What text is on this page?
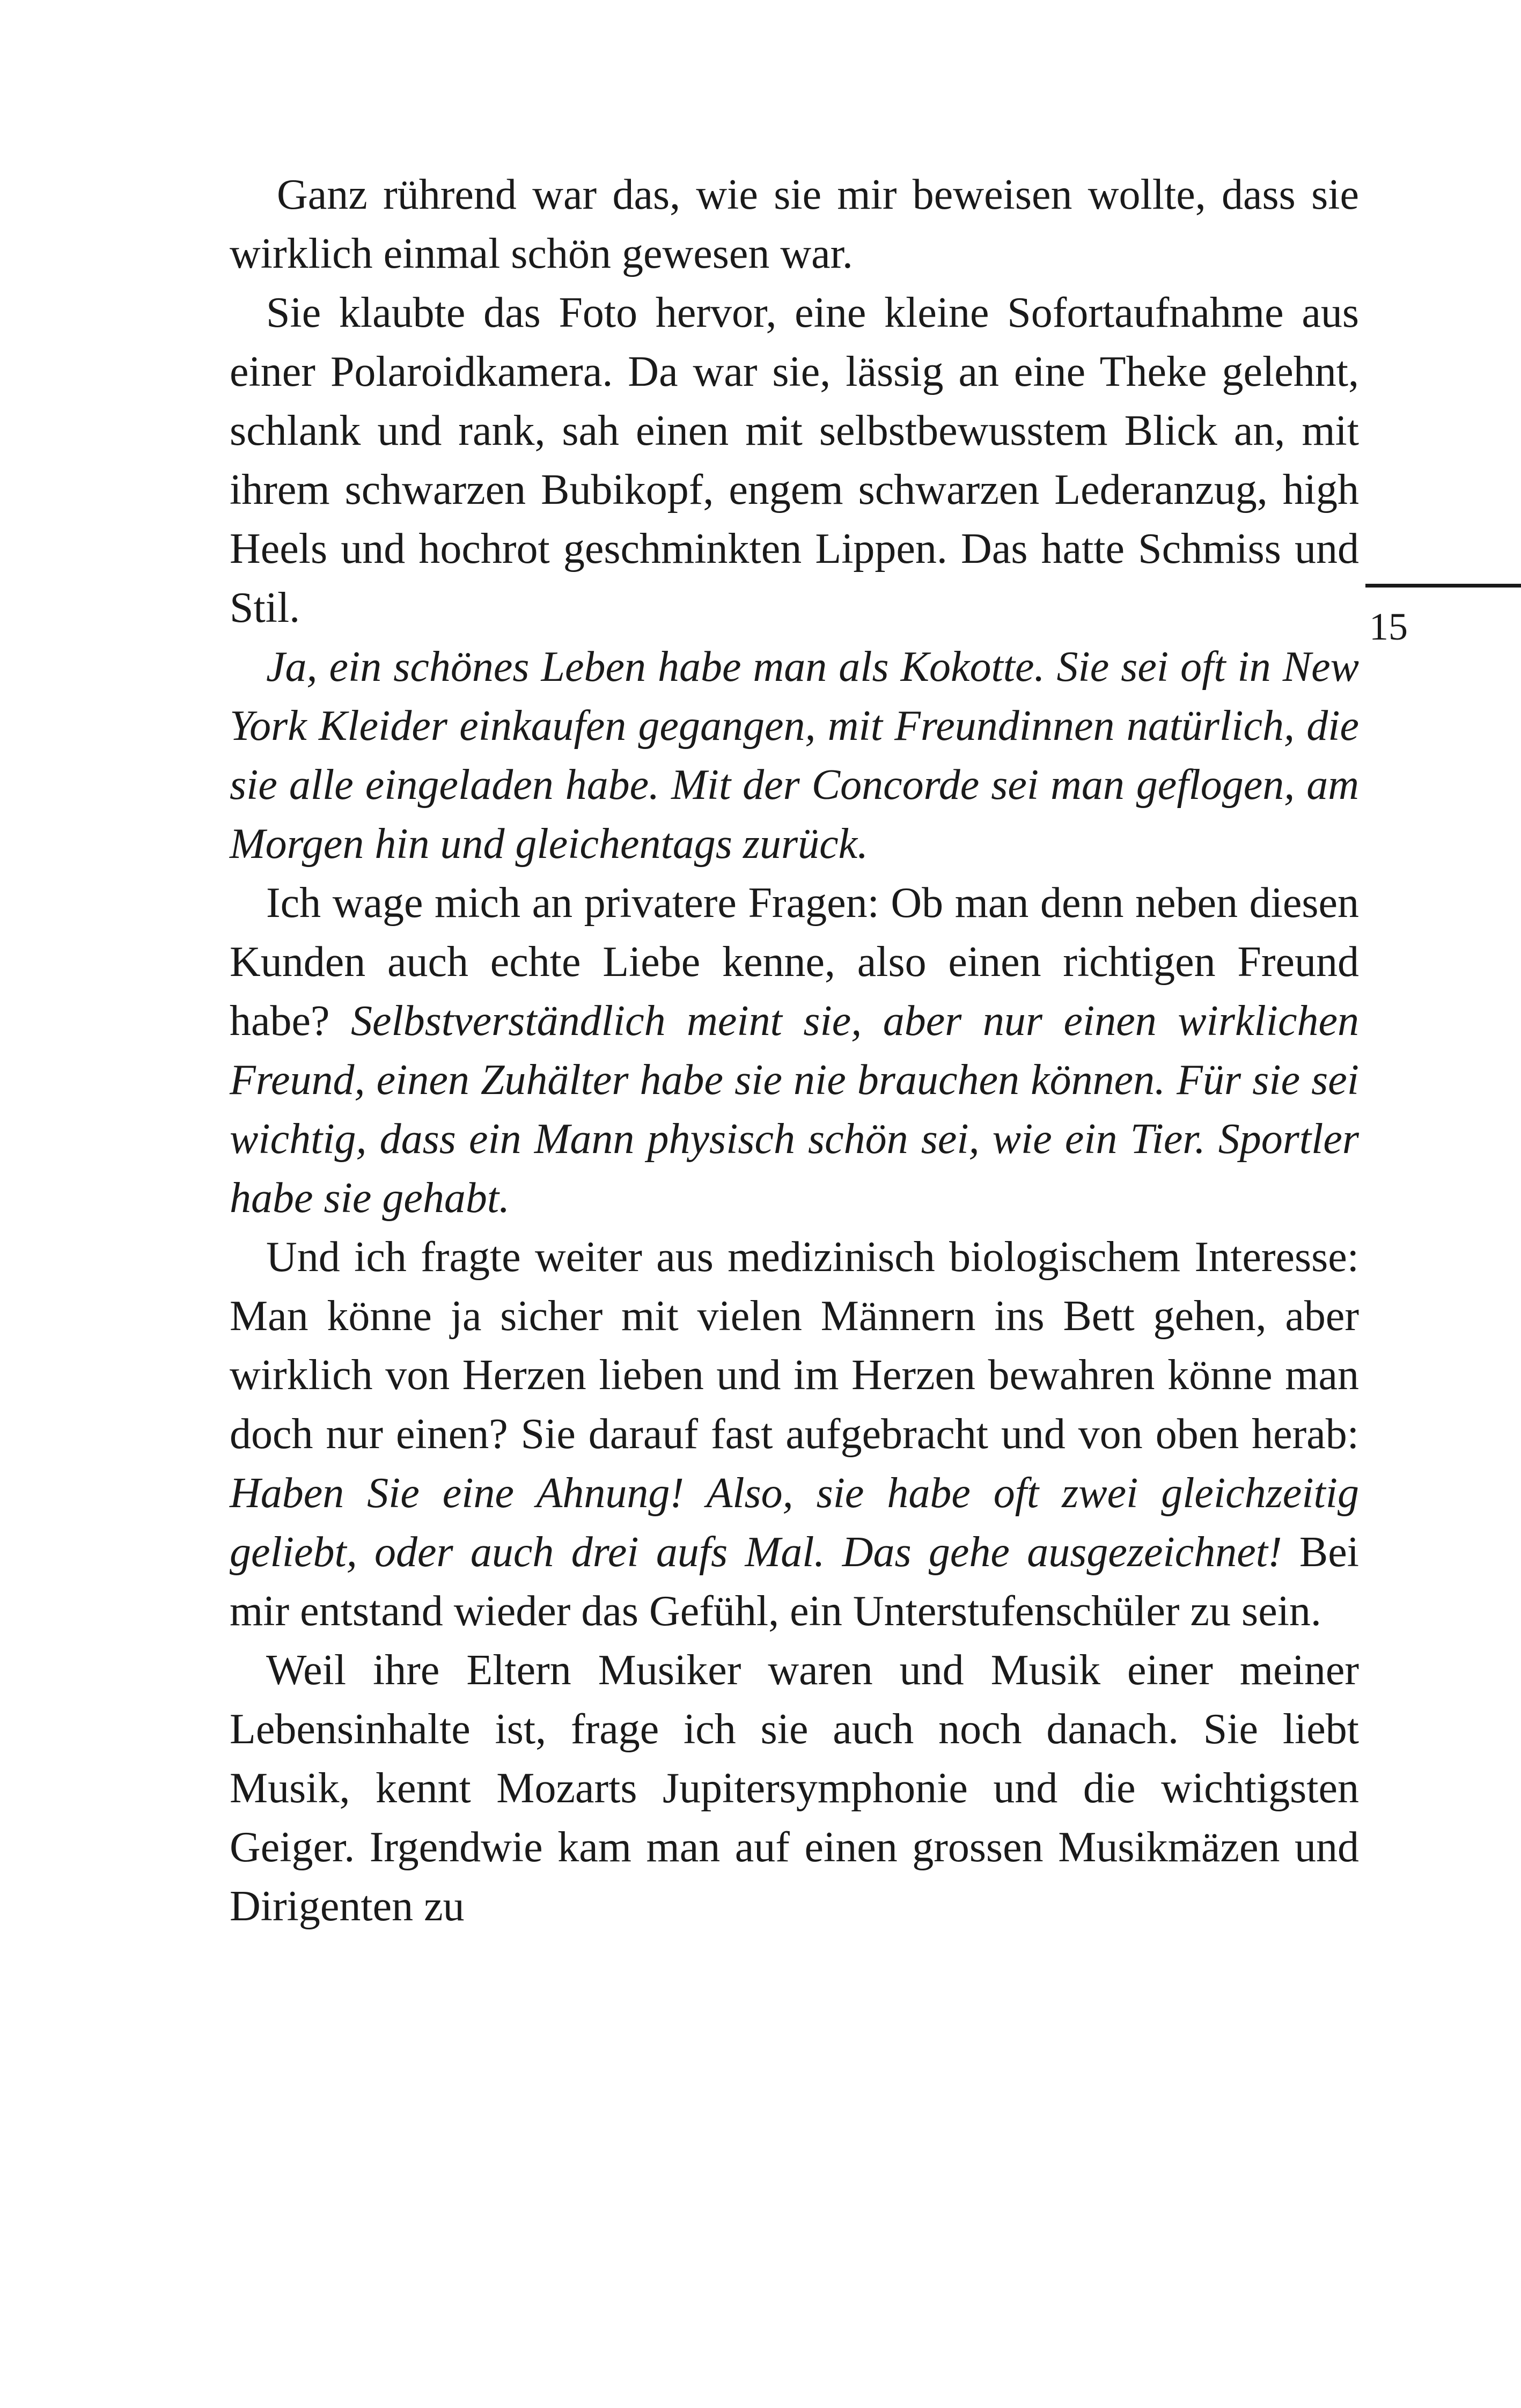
Ganz rührend war das, wie sie mir beweisen wollte, dass sie wirklich einmal schön gewesen war.

Sie klaubte das Foto hervor, eine kleine Sofortaufnahme aus einer Polaroidkamera. Da war sie, lässig an eine Theke gelehnt, schlank und rank, sah einen mit selbstbewusstem Blick an, mit ihrem schwarzen Bubikopf, engem schwarzen Lederanzug, high Heels und hochrot geschminkten Lippen. Das hatte Schmiss und Stil.

Ja, ein schönes Leben habe man als Kokotte. Sie sei oft in New York Kleider einkaufen gegangen, mit Freundinnen natürlich, die sie alle eingeladen habe. Mit der Concorde sei man geflogen, am Morgen hin und gleichentags zurück.

Ich wage mich an privatere Fragen: Ob man denn neben diesen Kunden auch echte Liebe kenne, also einen richtigen Freund habe? Selbstverständlich meint sie, aber nur einen wirklichen Freund, einen Zuhälter habe sie nie brauchen können. Für sie sei wichtig, dass ein Mann physisch schön sei, wie ein Tier. Sportler habe sie gehabt.

Und ich fragte weiter aus medizinisch biologischem Interesse: Man könne ja sicher mit vielen Männern ins Bett gehen, aber wirklich von Herzen lieben und im Herzen bewahren könne man doch nur einen? Sie darauf fast aufgebracht und von oben herab: Haben Sie eine Ahnung! Also, sie habe oft zwei gleichzeitig geliebt, oder auch drei aufs Mal. Das gehe ausgezeichnet! Bei mir entstand wieder das Gefühl, ein Unterstufenschüler zu sein.

Weil ihre Eltern Musiker waren und Musik einer meiner Lebensinhalte ist, frage ich sie auch noch danach. Sie liebt Musik, kennt Mozarts Jupitersymphonie und die wichtigsten Geiger. Irgendwie kam man auf einen grossen Musikmäzen und Dirigenten zu

15
